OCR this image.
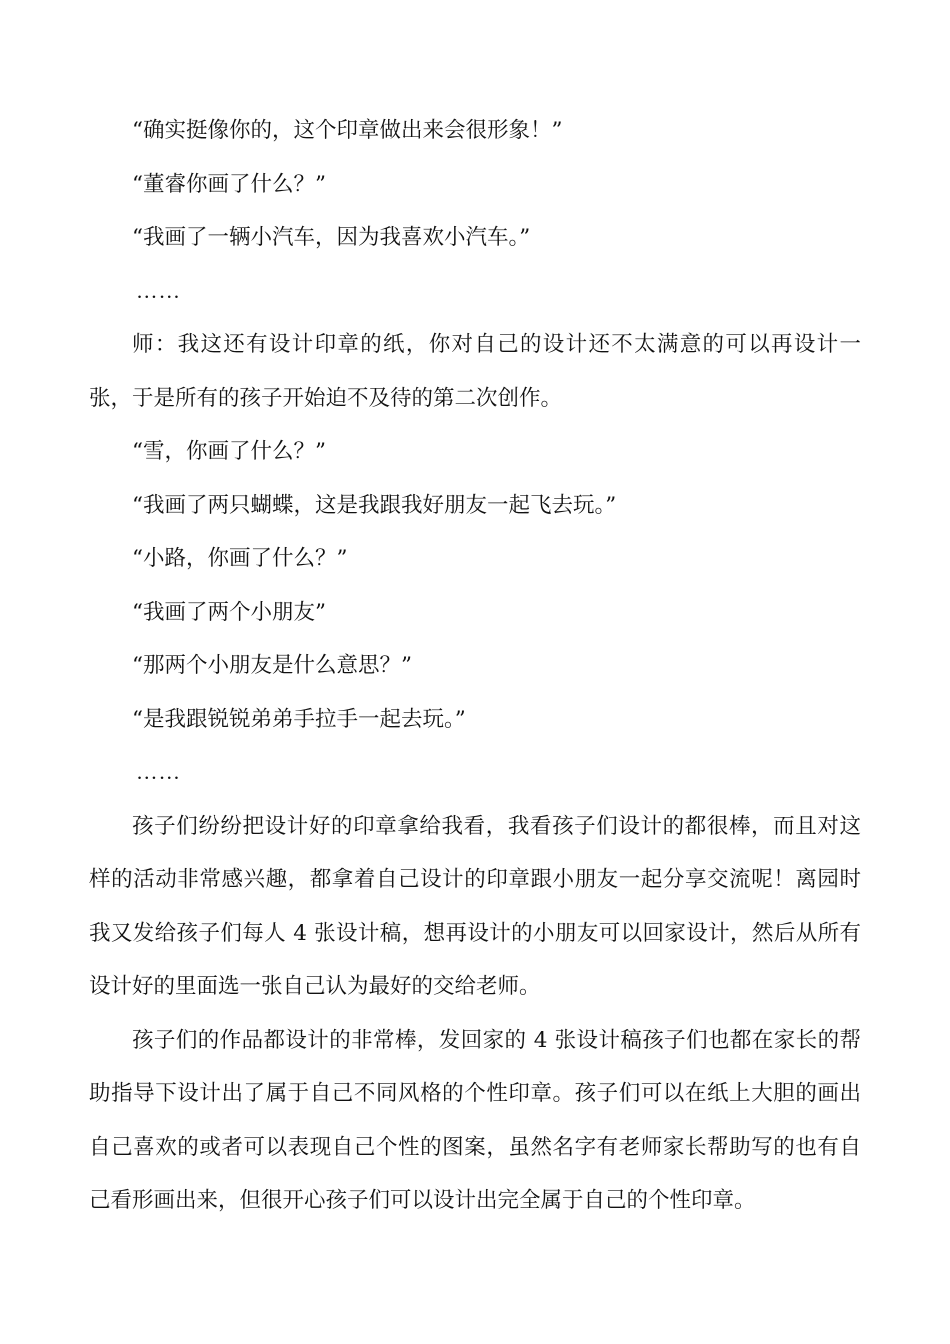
“确实挺像你的，这个印章做出来会很形象！”

“董睿你画了什么？”

“我画了一辆小汽车，因为我喜欢小汽车。”

……

师：我这还有设计印章的纸，你对自己的设计还不太满意的可以再设计一张，于是所有的孩子开始迫不及待的第二次创作。

“雪，你画了什么？”

“我画了两只蝴蝶，这是我跟我好朋友一起飞去玩。”

“小路，你画了什么？”

“我画了两个小朋友”

“那两个小朋友是什么意思？”

“是我跟锐锐弟弟手拉手一起去玩。”

……

孩子们纷纷把设计好的印章拿给我看，我看孩子们设计的都很棒，而且对这样的活动非常感兴趣，都拿着自己设计的印章跟小朋友一起分享交流呢！离园时我又发给孩子们每人 4 张设计稿，想再设计的小朋友可以回家设计，然后从所有设计好的里面选一张自己认为最好的交给老师。

孩子们的作品都设计的非常棒，发回家的 4 张设计稿孩子们也都在家长的帮助指导下设计出了属于自己不同风格的个性印章。孩子们可以在纸上大胆的画出自己喜欢的或者可以表现自己个性的图案，虽然名字有老师家长帮助写的也有自己看形画出来，但很开心孩子们可以设计出完全属于自己的个性印章。
